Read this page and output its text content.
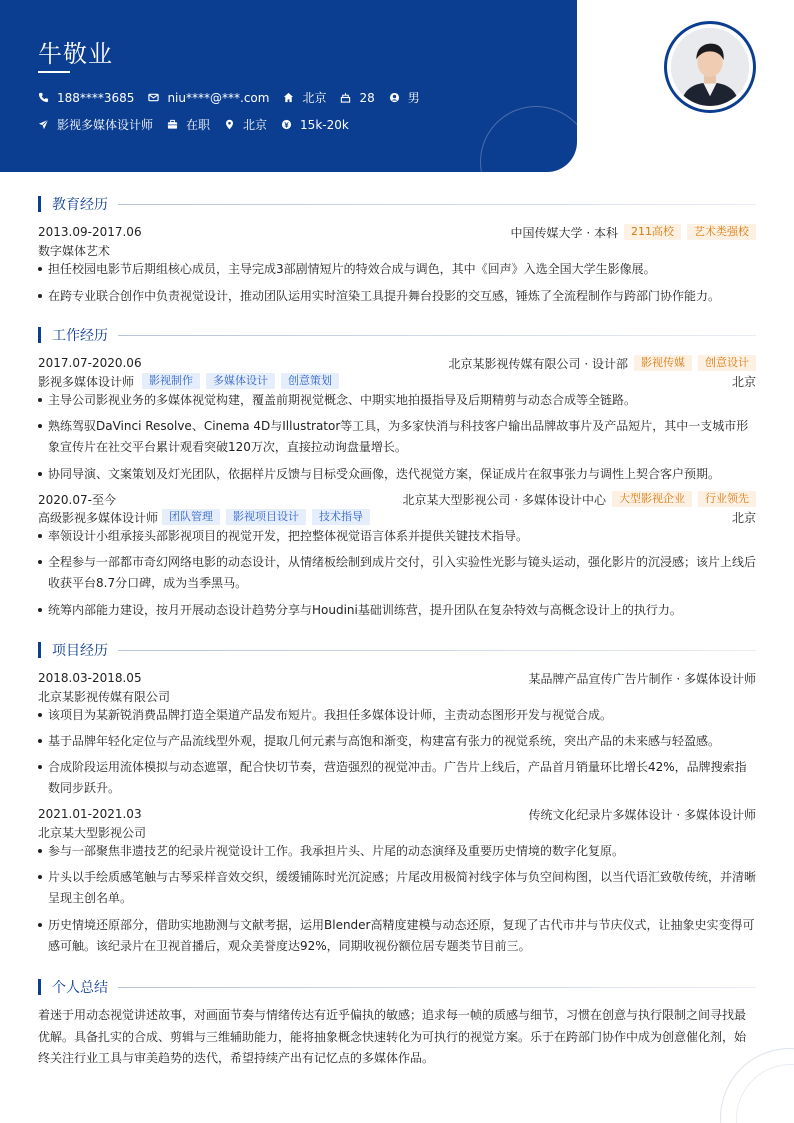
牛敬业
188****3685	niu****@***.com	北京	28	男
影视多媒体设计师	在职	北京	15k-20k
教育经历
2013.09-2017.06	中国传媒大学 · 本科	211高校	艺术类强校
数字媒体艺术
担任校园电影节后期组核心成员，主导完成3部剧情短片的特效合成与调色，其中《回声》入选全国大学生影像展。
在跨专业联合创作中负责视觉设计，推动团队运用实时渲染工具提升舞台投影的交互感，锤炼了全流程制作与跨部门协作能力。
工作经历
2017.07-2020.06	北京某影视传媒有限公司 · 设计部	影视传媒	创意设计
影视多媒体设计师	影视制作	多媒体设计	创意策划	北京
主导公司影视业务的多媒体视觉构建，覆盖前期视觉概念、中期实地拍摄指导及后期精剪与动态合成等全链路。
熟练驾驭DaVinci Resolve、Cinema 4D与Illustrator等工具，为多家快消与科技客户输出品牌故事片及产品短片，其中一支城市形象宣传片在社交平台累计观看突破120万次，直接拉动询盘量增长。
协同导演、文案策划及灯光团队，依据样片反馈与目标受众画像，迭代视觉方案，保证成片在叙事张力与调性上契合客户预期。
2020.07-至今	北京某大型影视公司 · 多媒体设计中心	大型影视企业	行业领先
高级影视多媒体设计师	团队管理	影视项目设计	技术指导	北京
率领设计小组承接头部影视项目的视觉开发，把控整体视觉语言体系并提供关键技术指导。
全程参与一部都市奇幻网络电影的动态设计，从情绪板绘制到成片交付，引入实验性光影与镜头运动，强化影片的沉浸感；该片上线后收获平台8.7分口碑，成为当季黑马。
统筹内部能力建设，按月开展动态设计趋势分享与Houdini基础训练营，提升团队在复杂特效与高概念设计上的执行力。
项目经历
2018.03-2018.05	某品牌产品宣传广告片制作 · 多媒体设计师
北京某影视传媒有限公司
该项目为某新锐消费品牌打造全渠道产品发布短片。我担任多媒体设计师，主责动态图形开发与视觉合成。
基于品牌年轻化定位与产品流线型外观，提取几何元素与高饱和渐变，构建富有张力的视觉系统，突出产品的未来感与轻盈感。
合成阶段运用流体模拟与动态遮罩，配合快切节奏，营造强烈的视觉冲击。广告片上线后，产品首月销量环比增长42%，品牌搜索指数同步跃升。
2021.01-2021.03	传统文化纪录片多媒体设计 · 多媒体设计师
北京某大型影视公司
参与一部聚焦非遗技艺的纪录片视觉设计工作。我承担片头、片尾的动态演绎及重要历史情境的数字化复原。
片头以手绘质感笔触与古琴采样音效交织，缓缓铺陈时光沉淀感；片尾改用极简衬线字体与负空间构图，以当代语汇致敬传统，并清晰呈现主创名单。
历史情境还原部分，借助实地勘测与文献考据，运用Blender高精度建模与动态还原，复现了古代市井与节庆仪式，让抽象史实变得可感可触。该纪录片在卫视首播后，观众美誉度达92%，同期收视份额位居专题类节目前三。
个人总结
着迷于用动态视觉讲述故事，对画面节奏与情绪传达有近乎偏执的敏感；追求每一帧的质感与细节，习惯在创意与执行限制之间寻找最优解。具备扎实的合成、剪辑与三维辅助能力，能将抽象概念快速转化为可执行的视觉方案。乐于在跨部门协作中成为创意催化剂，始终关注行业工具与审美趋势的迭代，希望持续产出有记忆点的多媒体作品。
